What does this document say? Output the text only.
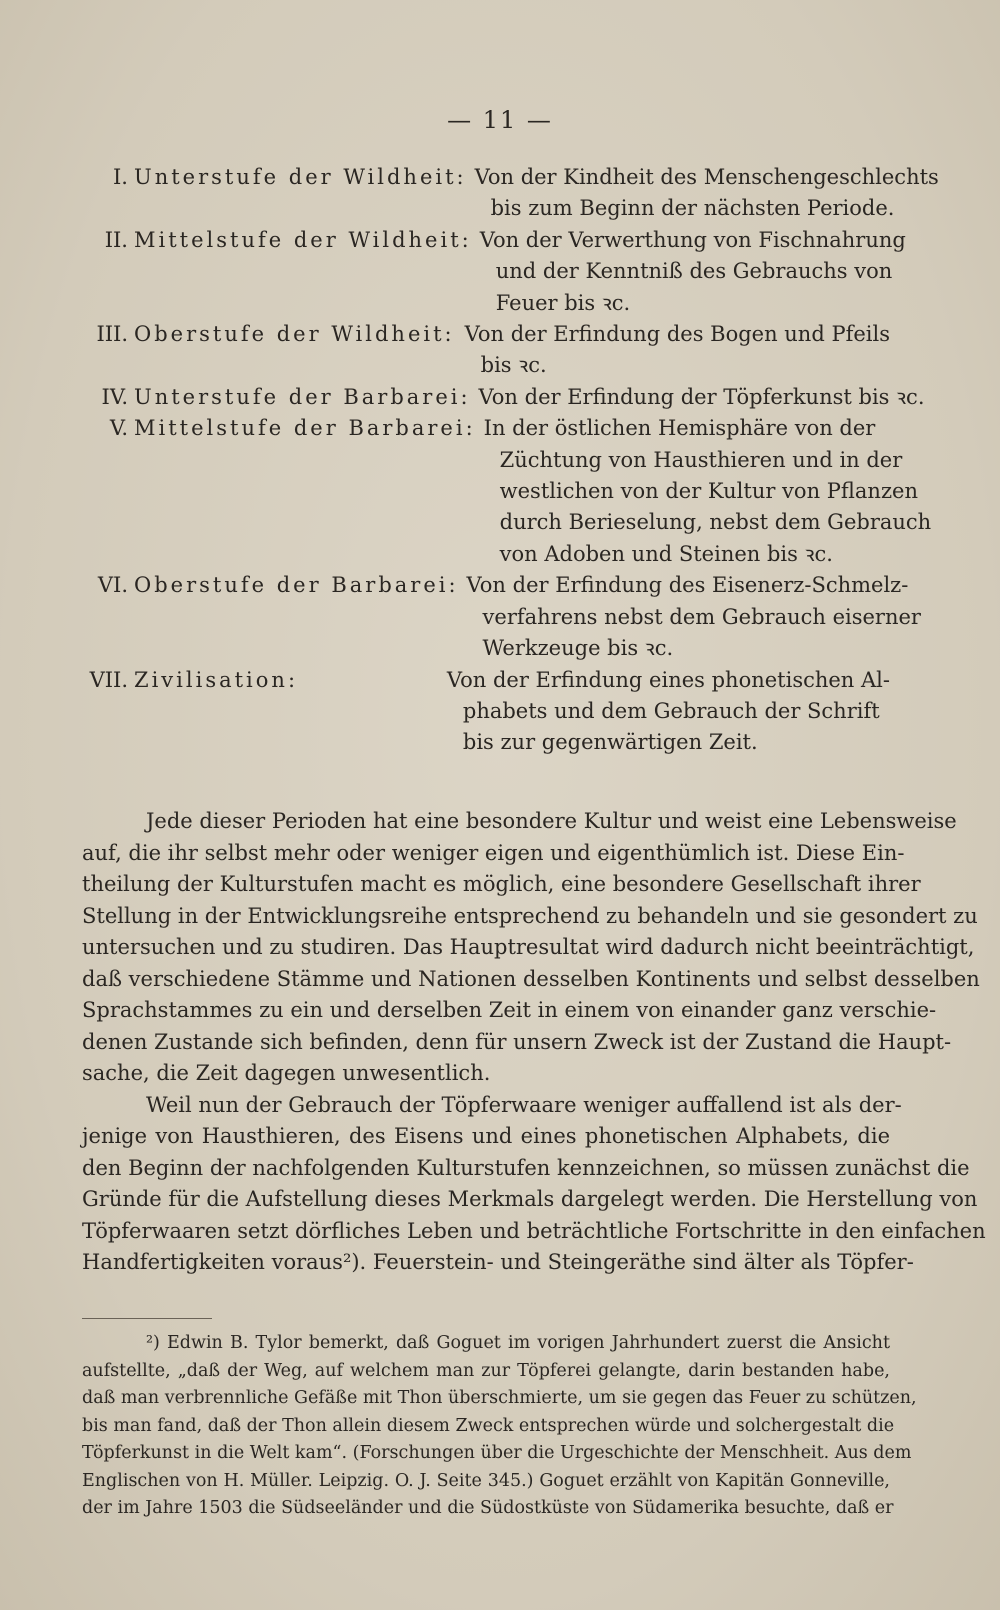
— 11 —
I. Unterstufe der Wildheit: Von der Kindheit des Menschengeschlechts
bis zum Beginn der nächsten Periode.
II. Mittelstufe der Wildheit: Von der Verwerthung von Fischnahrung
und der Kenntniß des Gebrauchs von
Feuer bis ꝛc.
III. Oberstufe der Wildheit: Von der Erfindung des Bogen und Pfeils
bis ꝛc.
IV. Unterstufe der Barbarei: Von der Erfindung der Töpferkunst bis ꝛc.
V. Mittelstufe der Barbarei: In der östlichen Hemisphäre von der
Züchtung von Hausthieren und in der
westlichen von der Kultur von Pflanzen
durch Berieselung, nebst dem Gebrauch
von Adoben und Steinen bis ꝛc.
VI. Oberstufe der Barbarei: Von der Erfindung des Eisenerz-Schmelz-
verfahrens nebst dem Gebrauch eiserner
Werkzeuge bis ꝛc.
VII. Zivilisation:	Von der Erfindung eines phonetischen Al-
phabets und dem Gebrauch der Schrift
bis zur gegenwärtigen Zeit.
Jede dieser Perioden hat eine besondere Kultur und weist eine Lebensweise
auf, die ihr selbst mehr oder weniger eigen und eigenthümlich ist. Diese Ein-
theilung der Kulturstufen macht es möglich, eine besondere Gesellschaft ihrer
Stellung in der Entwicklungsreihe entsprechend zu behandeln und sie gesondert zu
untersuchen und zu studiren. Das Hauptresultat wird dadurch nicht beeinträchtigt,
daß verschiedene Stämme und Nationen desselben Kontinents und selbst desselben
Sprachstammes zu ein und derselben Zeit in einem von einander ganz verschie-
denen Zustande sich befinden, denn für unsern Zweck ist der Zustand die Haupt-
sache, die Zeit dagegen unwesentlich.
Weil nun der Gebrauch der Töpferwaare weniger auffallend ist als der-
jenige von Hausthieren, des Eisens und eines phonetischen Alphabets, die
den Beginn der nachfolgenden Kulturstufen kennzeichnen, so müssen zunächst die
Gründe für die Aufstellung dieses Merkmals dargelegt werden. Die Herstellung von
Töpferwaaren setzt dörfliches Leben und beträchtliche Fortschritte in den einfachen
Handfertigkeiten voraus²). Feuerstein- und Steingeräthe sind älter als Töpfer-
²) Edwin B. Tylor bemerkt, daß Goguet im vorigen Jahrhundert zuerst die Ansicht
aufstellte, „daß der Weg, auf welchem man zur Töpferei gelangte, darin bestanden habe,
daß man verbrennliche Gefäße mit Thon überschmierte, um sie gegen das Feuer zu schützen,
bis man fand, daß der Thon allein diesem Zweck entsprechen würde und solchergestalt die
Töpferkunst in die Welt kam“. (Forschungen über die Urgeschichte der Menschheit. Aus dem
Englischen von H. Müller. Leipzig. O. J. Seite 345.) Goguet erzählt von Kapitän Gonneville,
der im Jahre 1503 die Südseeländer und die Südostküste von Südamerika besuchte, daß er
